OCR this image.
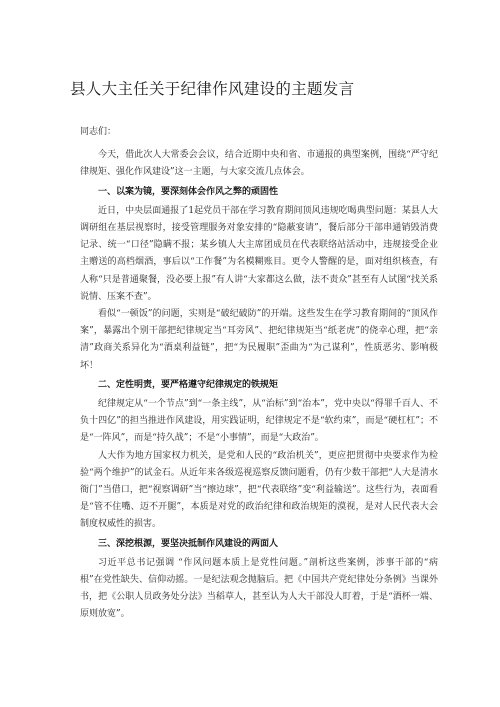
县人大主任关于纪律作风建设的主题发言

同志们：

今天，借此次人大常委会会议，结合近期中央和省、市通报的典型案例，围绕“严守纪律规矩、强化作风建设”这一主题，与大家交流几点体会。

一、以案为镜，要深刻体会作风之弊的顽固性

近日，中央层面通报了1起党员干部在学习教育期间顶风违规吃喝典型问题：某县人大调研组在基层视察时，接受管理服务对象安排的“隐蔽宴请”，餐后部分干部串通销毁消费记录、统一“口径”隐瞒不报；某乡镇人大主席团成员在代表联络站活动中，违规接受企业主赠送的高档烟酒，事后以“工作餐”为名模糊账目。更令人警醒的是，面对组织核查，有人称“只是普通聚餐，没必要上报”有人讲“大家都这么做，法不责众”甚至有人试图“找关系说情、压案不查”。

看似“一顿饭”的问题，实则是“破纪破防”的开端。这些发生在学习教育期间的“顶风作案”，暴露出个别干部把纪律规定当“耳旁风”、把纪律规矩当“纸老虎”的侥幸心理，把“亲清”政商关系异化为“酒桌利益链”，把“为民履职”歪曲为“为己谋利”，性质恶劣、影响极坏！

二、定性明责，要严格遵守纪律规定的铁规矩

纪律规定从“一个节点”到“一条主线”，从“治标”到“治本”，党中央以“得罪千百人、不负十四亿”的担当推进作风建设，用实践证明，纪律规定不是“软约束”，而是“硬杠杠”；不是“一阵风”，而是“持久战”；不是“小事情”，而是“大政治”。

人大作为地方国家权力机关，是党和人民的“政治机关”，更应把贯彻中央要求作为检验“两个维护”的试金石。从近年来各级巡视巡察反馈问题看，仍有少数干部把“人大是清水衙门”当借口，把“视察调研”当“擦边球”，把“代表联络”变“利益输送”。这些行为，表面看是“管不住嘴、迈不开腿”，本质是对党的政治纪律和政治规矩的漠视，是对人民代表大会制度权威性的损害。

三、深挖根源，要坚决抵制作风建设的两面人

习近平总书记强调 “作风问题本质上是党性问题。”剖析这些案例，涉事干部的“病根”在党性缺失、信仰动摇。一是纪法观念抛脑后。把《中国共产党纪律处分条例》当课外书，把《公职人员政务处分法》当稻草人，甚至认为人大干部没人盯着，于是“酒杯一端、原则放宽”。
